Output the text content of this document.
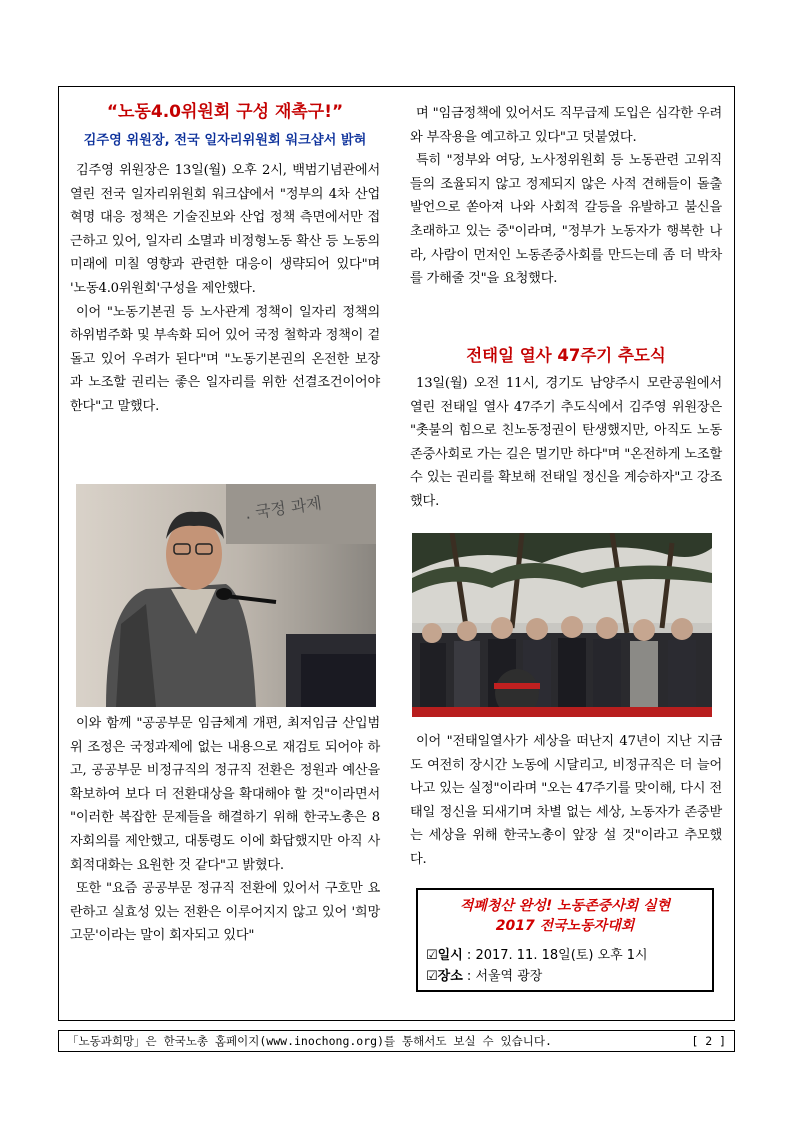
“노동4.0위원회 구성 재촉구!”
김주영 위원장, 전국 일자리위원회 워크샵서 밝혀

김주영 위원장은 13일(월) 오후 2시, 백범기념관에서 열린 전국 일자리위원회 워크샵에서 "정부의 4차 산업혁명 대응 정책은 기술진보와 산업 정책 측면에서만 접근하고 있어, 일자리 소멸과 비정형노동 확산 등 노동의 미래에 미칠 영향과 관련한 대응이 생략되어 있다"며 '노동4.0위원회'구성을 제안했다.

이어 "노동기본권 등 노사관계 정책이 일자리 정책의 하위범주화 및 부속화 되어 있어 국정 철학과 정책이 겉돌고 있어 우려가 된다"며 "노동기본권의 온전한 보장과 노조할 권리는 좋은 일자리를 위한 선결조건이어야 한다"고 말했다.

. 국정 과제

이와 함께 "공공부문 임금체계 개편, 최저임금 산입범위 조정은 국정과제에 없는 내용으로 재검토 되어야 하고, 공공부문 비정규직의 정규직 전환은 정원과 예산을 확보하여 보다 더 전환대상을 확대해야 할 것"이라면서 "이러한 복잡한 문제들을 해결하기 위해 한국노총은 8자회의를 제안했고, 대통령도 이에 화답했지만 아직 사회적대화는 요원한 것 같다"고 밝혔다.

또한 "요즘 공공부문 정규직 전환에 있어서 구호만 요란하고 실효성 있는 전환은 이루어지지 않고 있어 '희망고문'이라는 말이 회자되고 있다"

며 "임금정책에 있어서도 직무급제 도입은 심각한 우려와 부작용을 예고하고 있다"고 덧붙였다.

특히 "정부와 여당, 노사정위원회 등 노동관련 고위직들의 조율되지 않고 정제되지 않은 사적 견해들이 돌출발언으로 쏟아져 나와 사회적 갈등을 유발하고 불신을 초래하고 있는 중"이라며, "정부가 노동자가 행복한 나라, 사람이 먼저인 노동존중사회를 만드는데 좀 더 박차를 가해줄 것"을 요청했다.

전태일 열사 47주기 추도식

13일(월) 오전 11시, 경기도 남양주시 모란공원에서 열린 전태일 열사 47주기 추도식에서 김주영 위원장은 "촛불의 힘으로 친노동정권이 탄생했지만, 아직도 노동존중사회로 가는 길은 멀기만 하다"며 "온전하게 노조할 수 있는 권리를 확보해 전태일 정신을 계승하자"고 강조했다.

이어 "전태일열사가 세상을 떠난지 47년이 지난 지금도 여전히 장시간 노동에 시달리고, 비정규직은 더 늘어나고 있는 실정"이라며 "오는 47주기를 맞이해, 다시 전태일 정신을 되새기며 차별 없는 세상, 노동자가 존중받는 세상을 위해 한국노총이 앞장 설 것"이라고 추모했다.

적폐청산 완성! 노동존중사회 실현
2017 전국노동자대회
☑일시 : 2017. 11. 18일(토) 오후 1시
☑장소 : 서울역 광장
「노동과희망」은 한국노총 홈페이지(www.inochong.org)를 통해서도 보실 수 있습니다.	[ 2 ]
